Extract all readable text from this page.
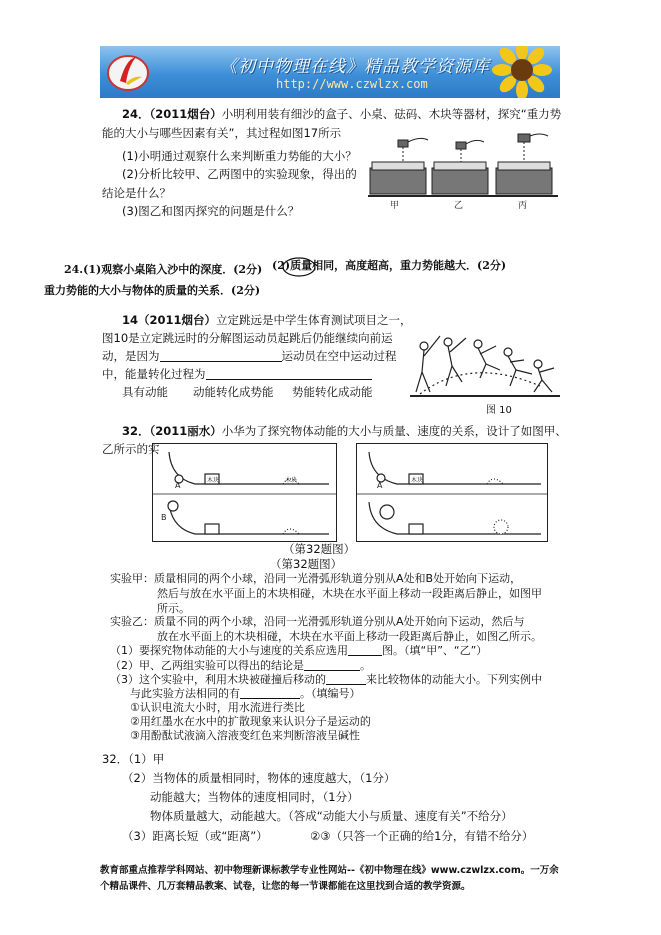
《初中物理在线》精品教学资源库
http://www.czwlzx.com
24．（2011烟台）小明利用装有细沙的盒子、小桌、砝码、木块等器材，探究“重力势
能的大小与哪些因素有关”，其过程如图17所示
(1)小明通过观察什么来判断重力势能的大小？
(2)分析比较甲、乙两图中的实验现象，得出的
结论是什么？
(3)图乙和图丙探究的问题是什么？	甲	乙	丙
24.(1)观察小桌陷入沙中的深度．(2分) (2)质量相同，高度超高，重力势能越大．(2分)
重力势能的大小与物体的质量的关系．(2分)
14（2011烟台）立定跳远是中学生体育测试项目之一，
图10是立定跳远时的分解图运动员起跳后仍能继续向前运
动，是因为	运动员在空中运动过程
中，能量转化过程为
具有动能 动能转化成势能 势能转化成动能
图 10
32．（2011丽水）小华为了探究物体动能的大小与质量、速度的关系，设计了如图甲、
乙所示的实
A
B
木块	木块
A
木块
（第32题图）
（第32题图）
实验甲：质量相同的两个小球，沿同一光滑弧形轨道分别从A处和B处开始向下运动，
然后与放在水平面上的木块相碰，木块在水平面上移动一段距离后静止，如图甲
所示。
实验乙：质量不同的两个小球，沿同一光滑弧形轨道分别从A处开始向下运动，然后与
放在水平面上的木块相碰，木块在水平面上移动一段距离后静止，如图乙所示。
（1）要探究物体动能的大小与速度的关系应选用	图。（填“甲”、“乙”）
（2）甲、乙两组实验可以得出的结论是	。
（3）这个实验中，利用木块被碰撞后移动的	来比较物体的动能大小。下列实例中
与此实验方法相同的有	。（填编号）
①认识电流大小时，用水流进行类比
②用红墨水在水中的扩散现象来认识分子是运动的
③用酚酞试液滴入溶液变红色来判断溶液呈碱性
32．（1）甲
（2）当物体的质量相同时，物体的速度越大，（1分）
动能越大；当物体的速度相同时，（1分）
物体质量越大，动能越大。（答成“动能大小与质量、速度有关”不给分）
（3）距离长短（或“距离”）	②③（只答一个正确的给1分，有错不给分）
教育部重点推荐学科网站、初中物理新课标教学专业性网站--《初中物理在线》www.czwlzx.com。一万余
个精品课件、几万套精品教案、试卷，让您的每一节课都能在这里找到合适的教学资源。
